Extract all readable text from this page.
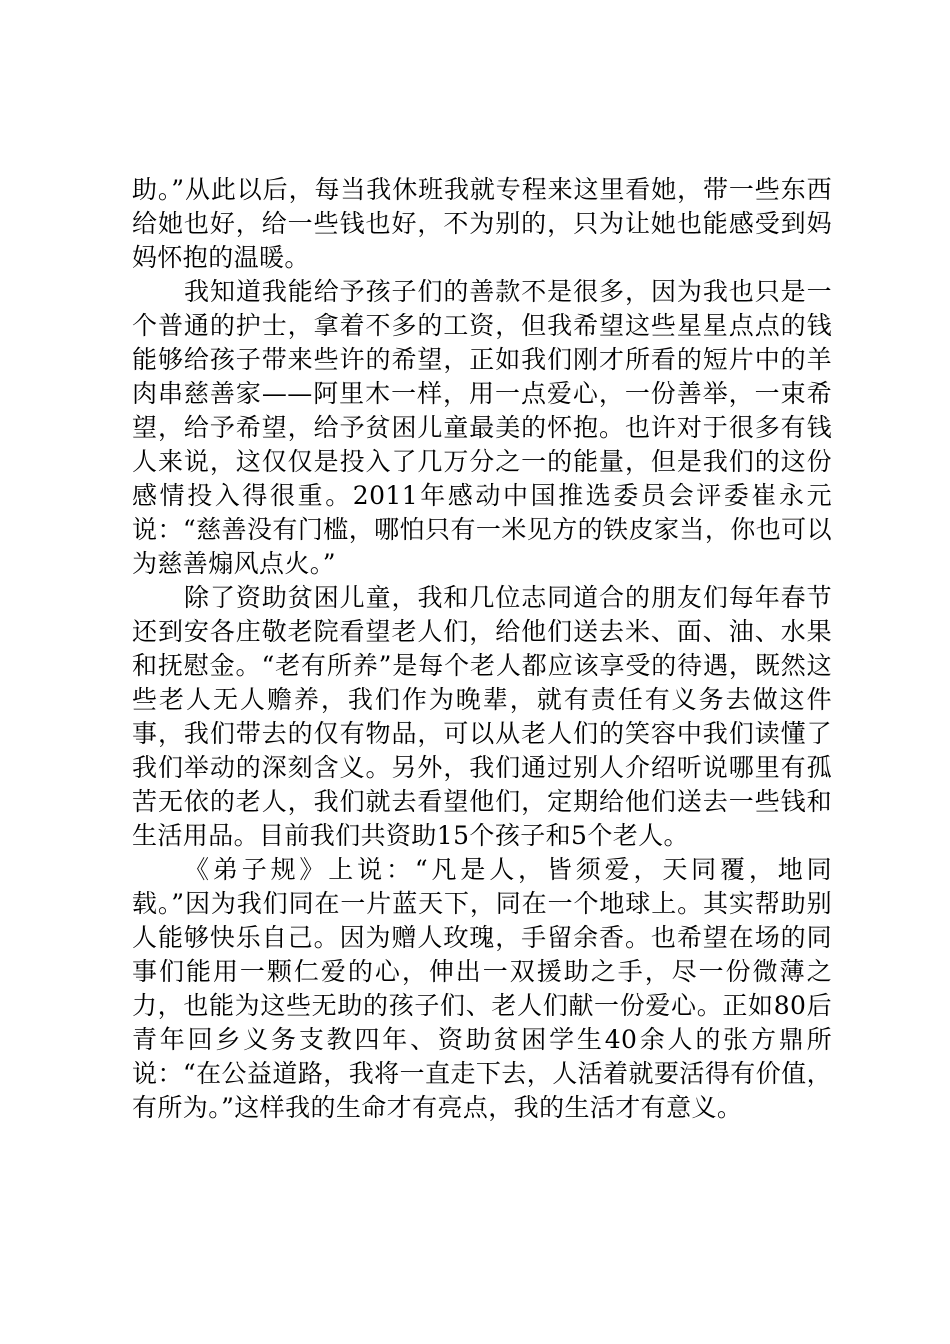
助。”从此以后，每当我休班我就专程来这里看她，带一些东西给她也好，给一些钱也好，不为别的，只为让她也能感受到妈妈怀抱的温暖。

我知道我能给予孩子们的善款不是很多，因为我也只是一个普通的护士，拿着不多的工资，但我希望这些星星点点的钱能够给孩子带来些许的希望，正如我们刚才所看的短片中的羊肉串慈善家——阿里木一样，用一点爱心，一份善举，一束希望，给予希望，给予贫困儿童最美的怀抱。也许对于很多有钱人来说，这仅仅是投入了几万分之一的能量，但是我们的这份感情投入得很重。2011年感动中国推选委员会评委崔永元说：“慈善没有门槛，哪怕只有一米见方的铁皮家当，你也可以为慈善煽风点火。”

除了资助贫困儿童，我和几位志同道合的朋友们每年春节还到安各庄敬老院看望老人们，给他们送去米、面、油、水果和抚慰金。“老有所养”是每个老人都应该享受的待遇，既然这些老人无人赡养，我们作为晚辈，就有责任有义务去做这件事，我们带去的仅有物品，可以从老人们的笑容中我们读懂了我们举动的深刻含义。另外，我们通过别人介绍听说哪里有孤苦无依的老人，我们就去看望他们，定期给他们送去一些钱和生活用品。目前我们共资助15个孩子和5个老人。

《弟子规》上说：“凡是人，皆须爱，天同覆，地同载。”因为我们同在一片蓝天下，同在一个地球上。其实帮助别人能够快乐自己。因为赠人玫瑰，手留余香。也希望在场的同事们能用一颗仁爱的心，伸出一双援助之手，尽一份微薄之力，也能为这些无助的孩子们、老人们献一份爱心。正如80后青年回乡义务支教四年、资助贫困学生40余人的张方鼎所说：“在公益道路，我将一直走下去，人活着就要活得有价值，有所为。”这样我的生命才有亮点，我的生活才有意义。
